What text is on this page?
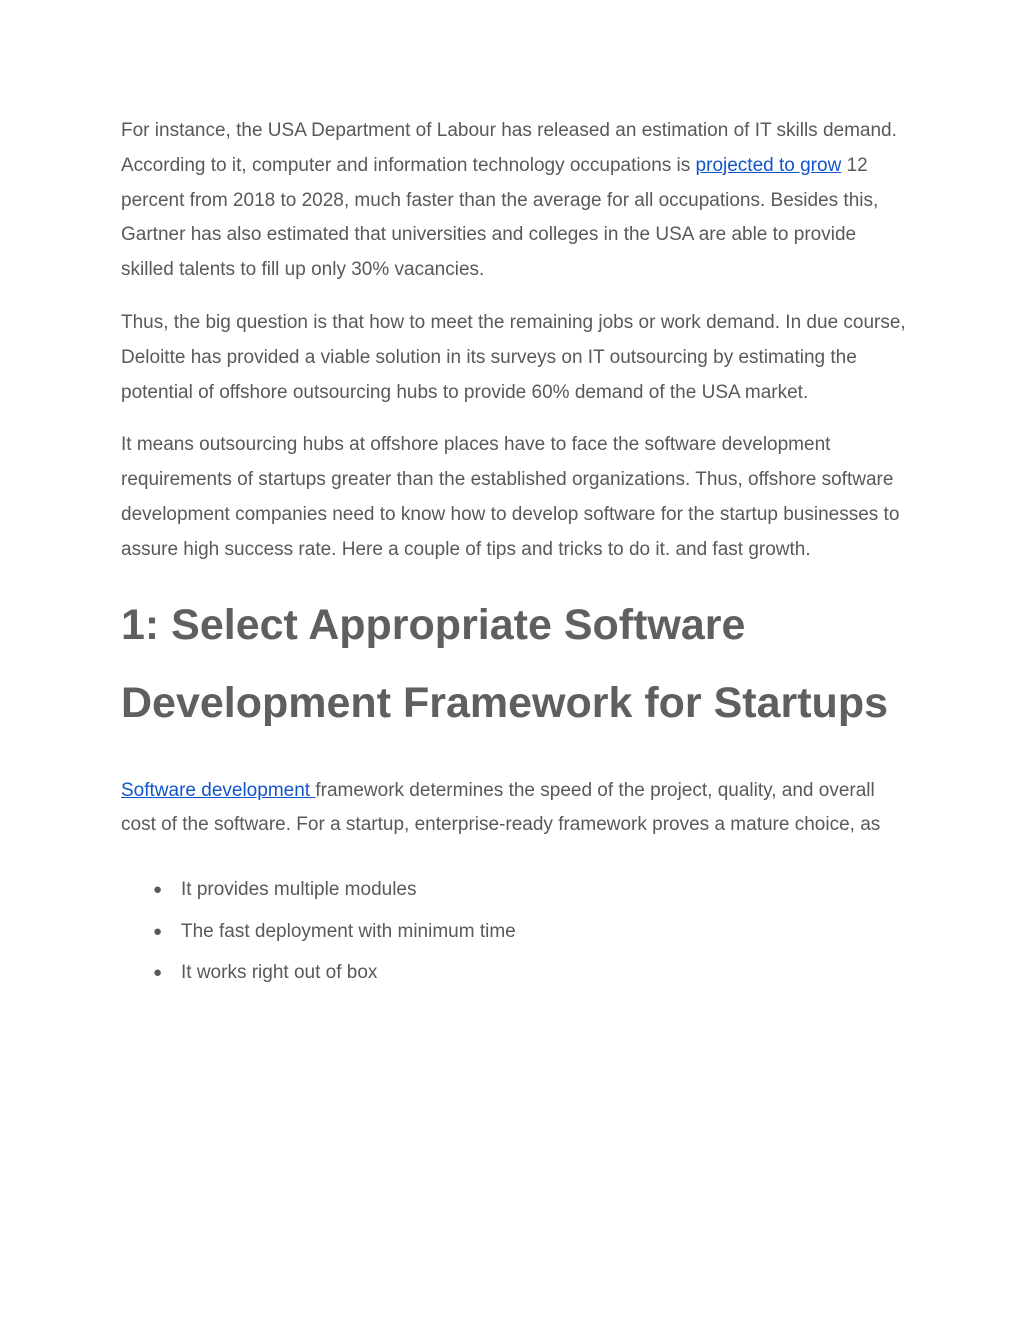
For instance, the USA Department of Labour has released an estimation of IT skills demand. According to it, computer and information technology occupations is projected to grow 12 percent from 2018 to 2028, much faster than the average for all occupations. Besides this, Gartner has also estimated that universities and colleges in the USA are able to provide skilled talents to fill up only 30% vacancies.

Thus, the big question is that how to meet the remaining jobs or work demand. In due course, Deloitte has provided a viable solution in its surveys on IT outsourcing by estimating the potential of offshore outsourcing hubs to provide 60% demand of the USA market.

It means outsourcing hubs at offshore places have to face the software development requirements of startups greater than the established organizations. Thus, offshore software development companies need to know how to develop software for the startup businesses to assure high success rate. Here a couple of tips and tricks to do it. and fast growth.

1: Select Appropriate Software Development Framework for Startups

Software development framework determines the speed of the project, quality, and overall cost of the software. For a startup, enterprise-ready framework proves a mature choice, as

● It provides multiple modules
● The fast deployment with minimum time
● It works right out of box
